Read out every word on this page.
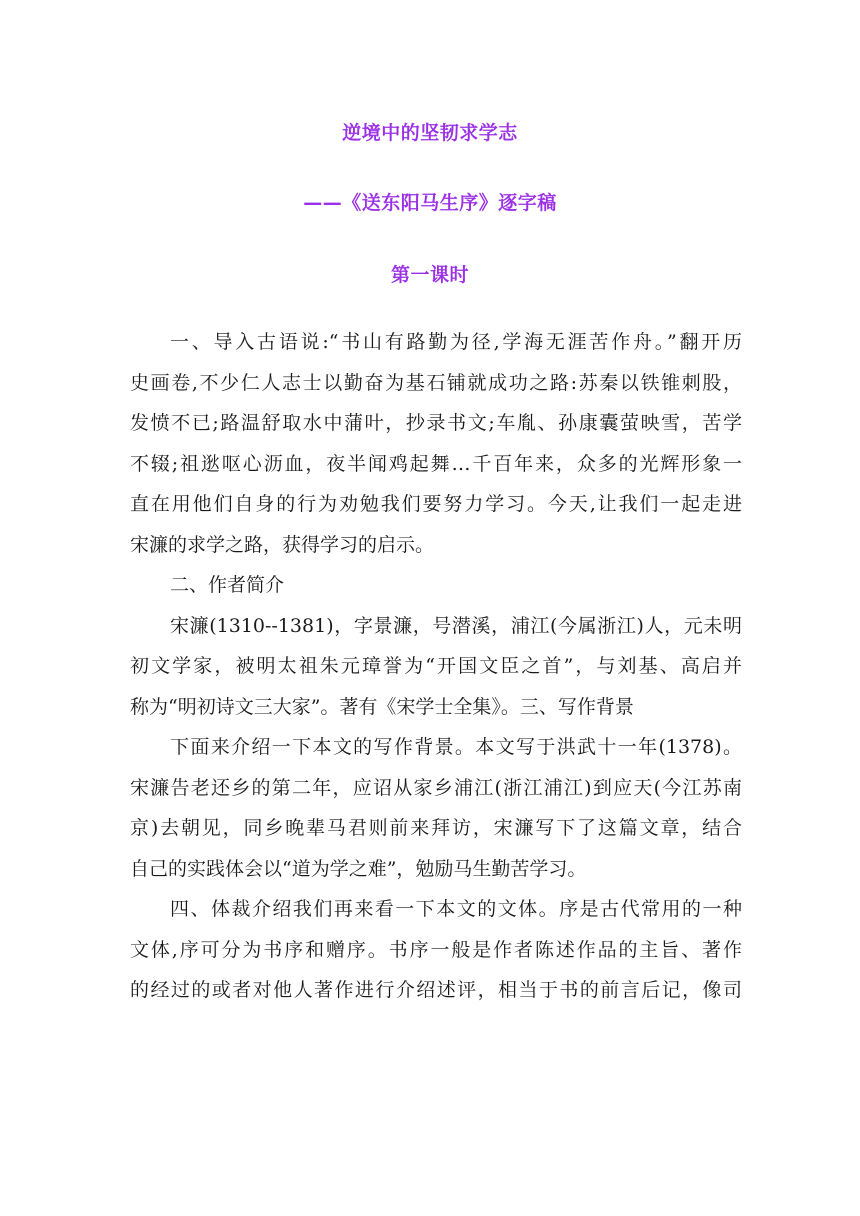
逆境中的坚韧求学志
——《送东阳马生序》逐字稿
第一课时
一、导入古语说:“书山有路勤为径,学海无涯苦作舟。”翻开历
史画卷,不少仁人志士以勤奋为基石铺就成功之路:苏秦以铁锥刺股，
发愤不已;路温舒取水中蒲叶，抄录书文;车胤、孙康囊萤映雪，苦学
不辍;祖逖呕心沥血，夜半闻鸡起舞…千百年来，众多的光辉形象一
直在用他们自身的行为劝勉我们要努力学习。今天,让我们一起走进
宋濂的求学之路，获得学习的启示。
二、作者简介
宋濂(1310--1381)，字景濂，号潜溪，浦江(今属浙江)人，元未明
初文学家，被明太祖朱元璋誉为“开国文臣之首”，与刘基、高启并
称为“明初诗文三大家”。著有《宋学士全集》。三、写作背景
下面来介绍一下本文的写作背景。本文写于洪武十一年(1378)。
宋濂告老还乡的第二年，应诏从家乡浦江(浙江浦江)到应天(今江苏南
京)去朝见，同乡晚辈马君则前来拜访，宋濂写下了这篇文章，结合
自己的实践体会以“道为学之难”，勉励马生勤苦学习。
四、体裁介绍我们再来看一下本文的文体。序是古代常用的一种
文体,序可分为书序和赠序。书序一般是作者陈述作品的主旨、著作
的经过的或者对他人著作进行介绍述评，相当于书的前言后记，像司
